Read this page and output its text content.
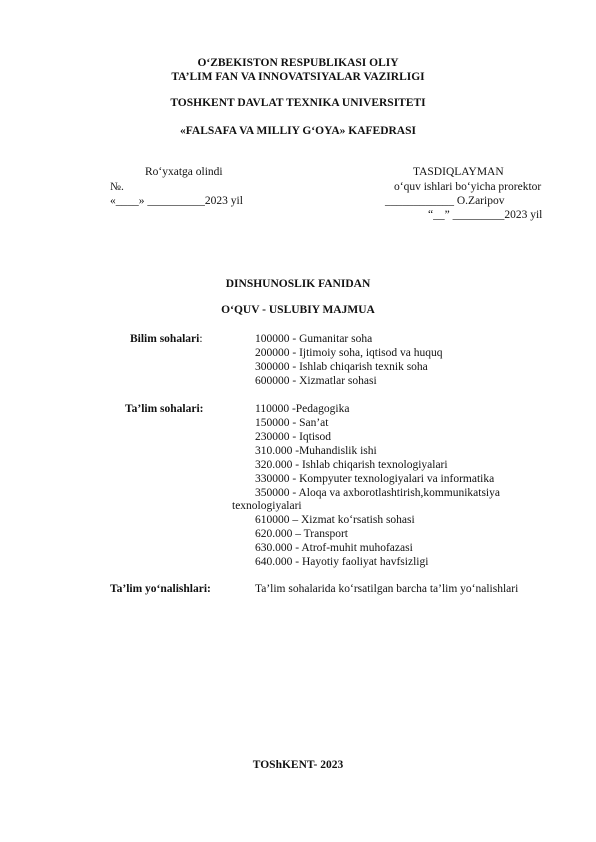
O‘ZBEKISTON RESPUBLIKASI OLIY
TA’LIM FAN VA INNOVATSIYALAR VAZIRLIGI
TOSHKENT DAVLAT TEXNIKA UNIVERSITETI
«FALSAFA VA MILLIY G‘OYA» KAFEDRASI
Ro‘yxatga olindi
№.
«____» __________2023 yil
TASDIQLAYMAN
o‘quv ishlari bo‘yicha prorektor
____________ O.Zaripov
“__” _________2023 yil
DINSHUNOSLIK FANIDAN
O‘QUV - USLUBIY MAJMUA
Bilim sohalari:	100000 - Gumanitar soha
200000 - Ijtimoiy soha, iqtisod va huquq
300000 - Ishlab chiqarish texnik soha
600000 - Xizmatlar sohasi
Ta’lim sohalari:	110000 -Pedagogika
150000 - San’at
230000 - Iqtisod
310.000 -Muhandislik ishi
320.000 - Ishlab chiqarish texnologiyalari
330000 - Kompyuter texnologiyalari va informatika
350000 - Aloqa va axborotlashtirish,kommunikatsiya
texnologiyalari
610000 – Xizmat ko‘rsatish sohasi
620.000 – Transport
630.000 - Atrof-muhit muhofazasi
640.000 - Hayotiy faoliyat havfsizligi
Ta’lim yo‘nalishlari:	Ta’lim sohalarida ko‘rsatilgan barcha ta’lim yo‘nalishlari
TOShKENT- 2023
